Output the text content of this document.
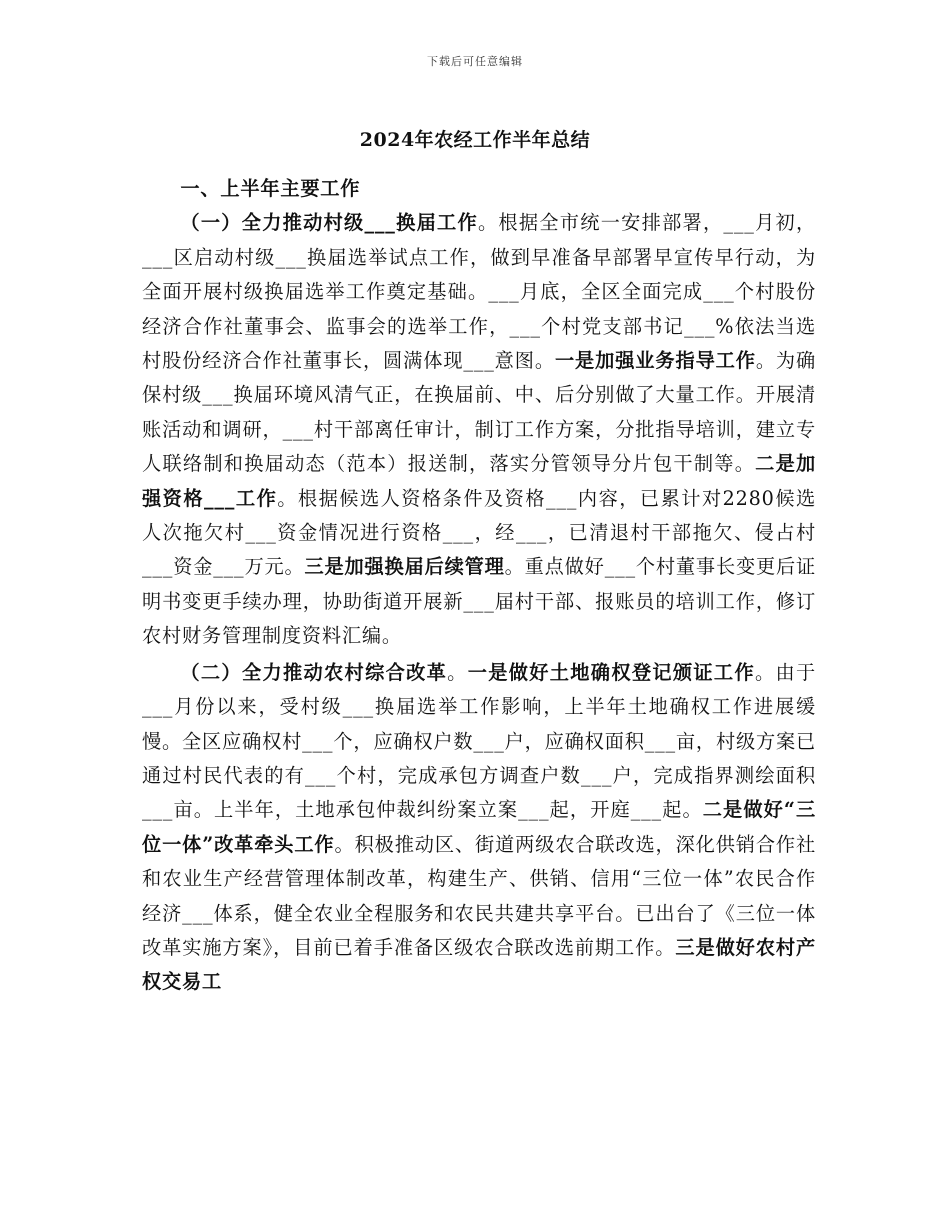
下载后可任意编辑
2024年农经工作半年总结

一、上半年主要工作

（一）全力推动村级___换届工作。根据全市统一安排部署，___月初，___区启动村级___换届选举试点工作，做到早准备早部署早宣传早行动，为全面开展村级换届选举工作奠定基础。___月底，全区全面完成___个村股份经济合作社董事会、监事会的选举工作，___个村党支部书记___%依法当选村股份经济合作社董事长，圆满体现___意图。一是加强业务指导工作。为确保村级___换届环境风清气正，在换届前、中、后分别做了大量工作。开展清账活动和调研，___村干部离任审计，制订工作方案，分批指导培训，建立专人联络制和换届动态（范本）报送制，落实分管领导分片包干制等。二是加强资格___工作。根据候选人资格条件及资格___内容，已累计对2280候选人次拖欠村___资金情况进行资格___，经___，已清退村干部拖欠、侵占村___资金___万元。三是加强换届后续管理。重点做好___个村董事长变更后证明书变更手续办理，协助街道开展新___届村干部、报账员的培训工作，修订农村财务管理制度资料汇编。

（二）全力推动农村综合改革。一是做好土地确权登记颁证工作。由于___月份以来，受村级___换届选举工作影响，上半年土地确权工作进展缓慢。全区应确权村___个，应确权户数___户，应确权面积___亩，村级方案已通过村民代表的有___个村，完成承包方调查户数___户，完成指界测绘面积___亩。上半年，土地承包仲裁纠纷案立案___起，开庭___起。二是做好“三位一体”改革牵头工作。积极推动区、街道两级农合联改选，深化供销合作社和农业生产经营管理体制改革，构建生产、供销、信用“三位一体”农民合作经济___体系，健全农业全程服务和农民共建共享平台。已出台了《三位一体改革实施方案》，目前已着手准备区级农合联改选前期工作。三是做好农村产权交易工
